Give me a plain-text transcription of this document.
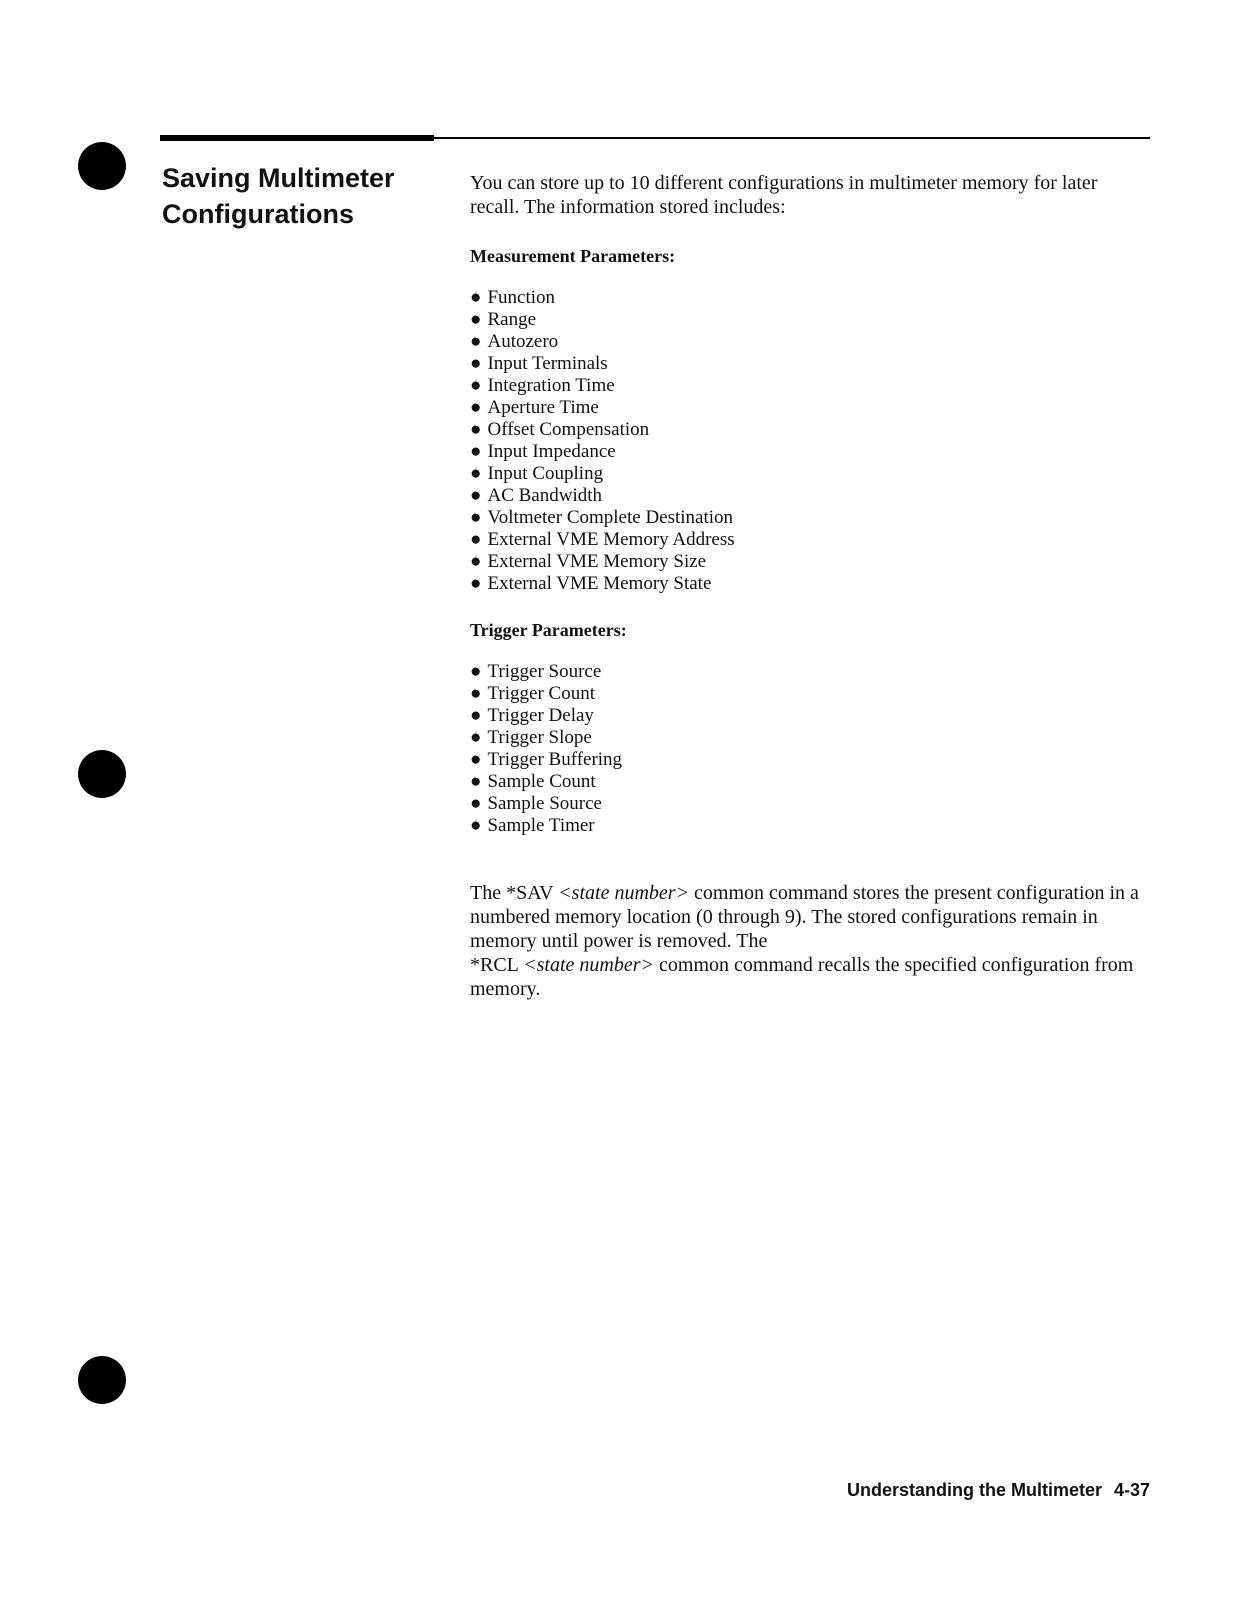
Saving Multimeter
Configurations

You can store up to 10 different configurations in multimeter memory for later recall. The information stored includes:

Measurement Parameters:

● Function
● Range
● Autozero
● Input Terminals
● Integration Time
● Aperture Time
● Offset Compensation
● Input Impedance
● Input Coupling
● AC Bandwidth
● Voltmeter Complete Destination
● External VME Memory Address
● External VME Memory Size
● External VME Memory State

Trigger Parameters:

● Trigger Source
● Trigger Count
● Trigger Delay
● Trigger Slope
● Trigger Buffering
● Sample Count
● Sample Source
● Sample Timer

The *SAV <state number> common command stores the present configuration in a numbered memory location (0 through 9). The stored configurations remain in memory until power is removed. The
*RCL <state number> common command recalls the specified configuration from memory.

Understanding the Multimeter 4-37
